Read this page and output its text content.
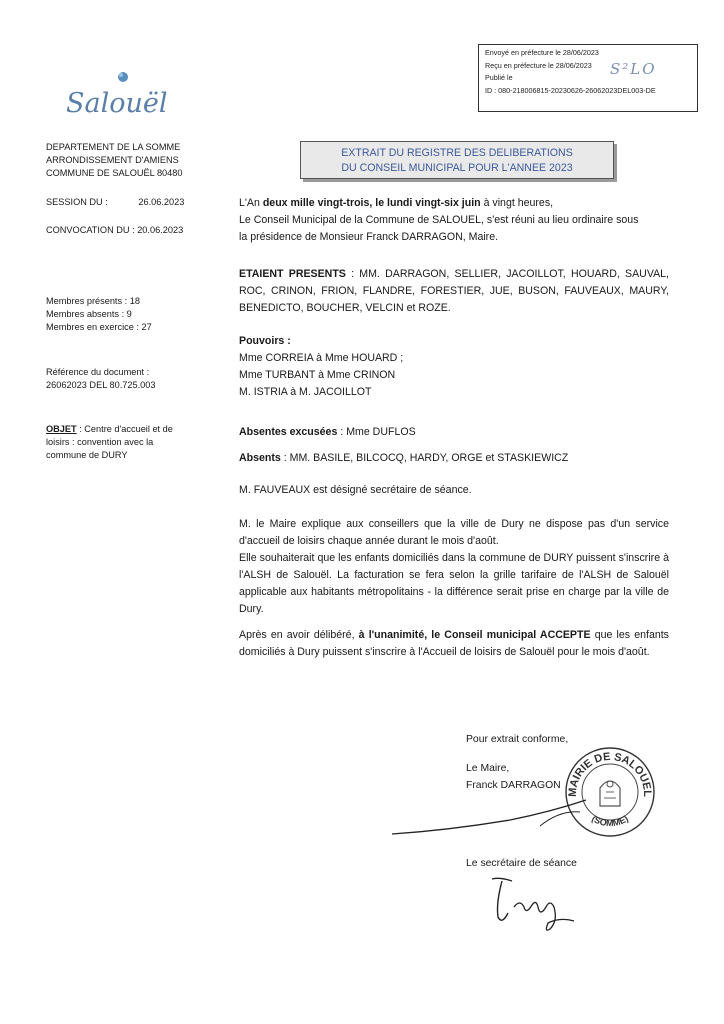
Envoyé en préfecture le 28/06/2023
Reçu en préfecture le 28/06/2023
Publié le
ID : 080-218006815-20230626-26062023DEL003-DE
S²LO
Salouël
DEPARTEMENT DE LA SOMME
ARRONDISSEMENT D'AMIENS
COMMUNE DE SALOUËL 80480
SESSION DU :	26.06.2023
CONVOCATION DU : 20.06.2023
Membres présents : 18
Membres absents : 9
Membres en exercice : 27
Référence du document :
26062023 DEL 80.725.003
OBJET : Centre d'accueil et de loisirs : convention avec la commune de DURY
EXTRAIT DU REGISTRE DES DELIBERATIONS
DU CONSEIL MUNICIPAL POUR L'ANNEE 2023
L'An deux mille vingt-trois, le lundi vingt-six juin à vingt heures,
Le Conseil Municipal de la Commune de SALOUEL, s'est réuni au lieu ordinaire sous
la présidence de Monsieur Franck DARRAGON, Maire.
ETAIENT PRESENTS : MM. DARRAGON, SELLIER, JACOILLOT, HOUARD, SAUVAL, ROC, CRINON, FRION, FLANDRE, FORESTIER, JUE, BUSON, FAUVEAUX, MAURY, BENEDICTO, BOUCHER, VELCIN et ROZE.
Pouvoirs :
Mme CORREIA à Mme HOUARD ;
Mme TURBANT à Mme CRINON
M. ISTRIA à M. JACOILLOT
Absentes excusées : Mme DUFLOS
Absents : MM. BASILE, BILCOCQ, HARDY, ORGE et STASKIEWICZ
M. FAUVEAUX est désigné secrétaire de séance.
M. le Maire explique aux conseillers que la ville de Dury ne dispose pas d'un service d'accueil de loisirs chaque année durant le mois d'août.
Elle souhaiterait que les enfants domiciliés dans la commune de DURY puissent s'inscrire à l'ALSH de Salouël. La facturation se fera selon la grille tarifaire de l'ALSH de Salouël applicable aux habitants métropolitains - la différence serait prise en charge par la ville de Dury.
Après en avoir délibéré, à l'unanimité, le Conseil municipal ACCEPTE que les enfants domiciliés à Dury puissent s'inscrire à l'Accueil de loisirs de Salouël pour le mois d'août.
Pour extrait conforme,
Le Maire,
Franck DARRAGON
MAIRIE DE SALOUEL
(SOMME)
Le secrétaire de séance
